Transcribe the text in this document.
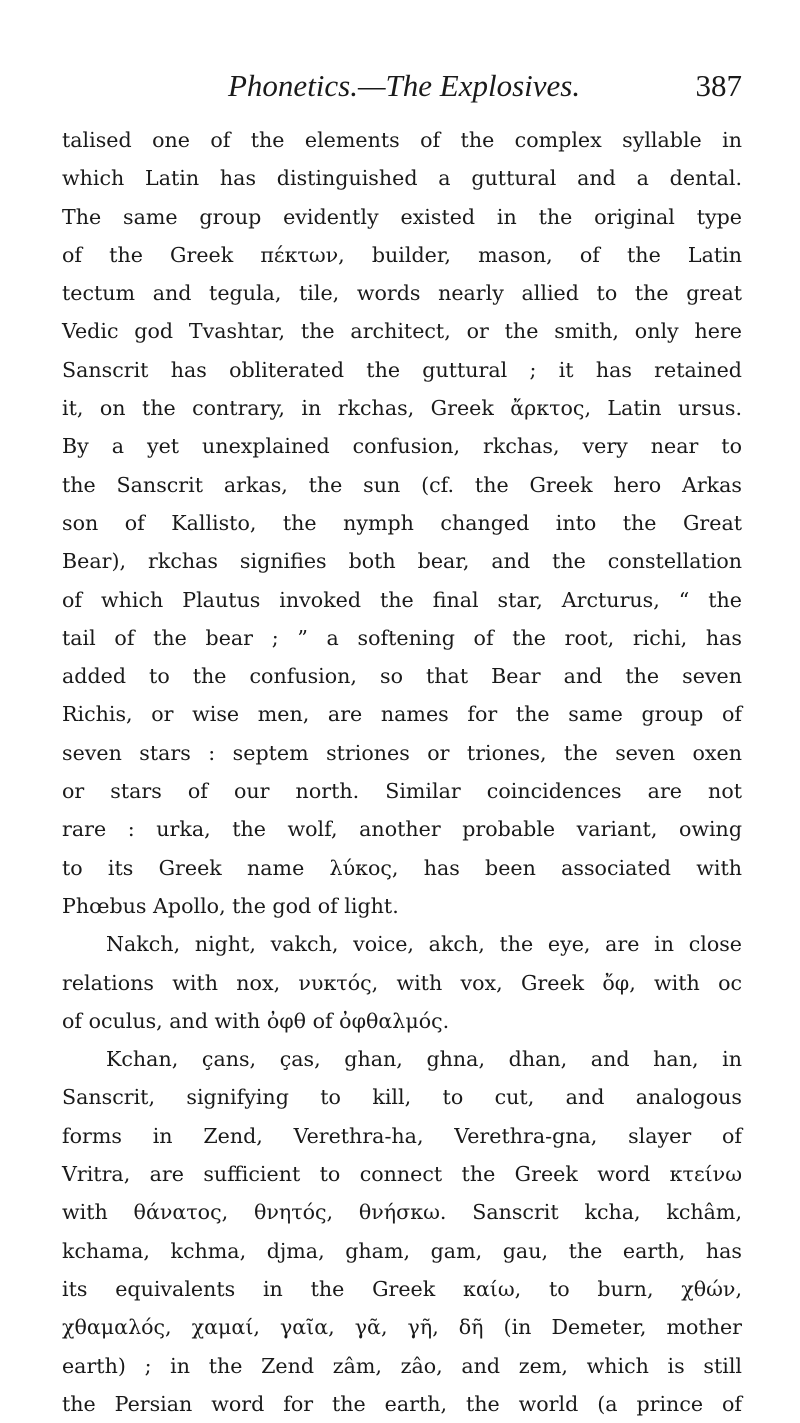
Phonetics.—The Explosives.	387
talised one of the elements of the complex syllable in
which Latin has distinguished a guttural and a dental.
The same group evidently existed in the original type
of the Greek πέκτων, builder, mason, of the Latin
tectum and tegula, tile, words nearly allied to the great
Vedic god Tvashtar, the architect, or the smith, only here
Sanscrit has obliterated the guttural ; it has retained
it, on the contrary, in rkchas, Greek ἄρκτος, Latin ursus.
By a yet unexplained confusion, rkchas, very near to
the Sanscrit arkas, the sun (cf. the Greek hero Arkas
son of Kallisto, the nymph changed into the Great
Bear), rkchas signifies both bear, and the constellation
of which Plautus invoked the final star, Arcturus, “ the
tail of the bear ; ” a softening of the root, richi, has
added to the confusion, so that Bear and the seven
Richis, or wise men, are names for the same group of
seven stars : septem striones or triones, the seven oxen
or stars of our north. Similar coincidences are not
rare : urka, the wolf, another probable variant, owing
to its Greek name λύκος, has been associated with
Phœbus Apollo, the god of light.
Nakch, night, vakch, voice, akch, the eye, are in close
relations with nox, νυκτός, with vox, Greek ὄφ, with oc
of oculus, and with ὀφθ of ὀφθαλμός.
Kchan, çans, ças, ghan, ghna, dhan, and han, in
Sanscrit, signifying to kill, to cut, and analogous
forms in Zend, Verethra-ha, Verethra-gna, slayer of
Vritra, are sufficient to connect the Greek word κτείνω
with θάνατος, θνητός, θνήσκω. Sanscrit kcha, kchâm,
kchama, kchma, djma, gham, gam, gau, the earth, has
its equivalents in the Greek καίω, to burn, χθών,
χθαμαλός, χαμαί, γαῖα, γᾶ, γῆ, δῆ (in Demeter, mother
earth) ; in the Zend zâm, zâo, and zem, which is still
the Persian word for the earth, the world (a prince of
